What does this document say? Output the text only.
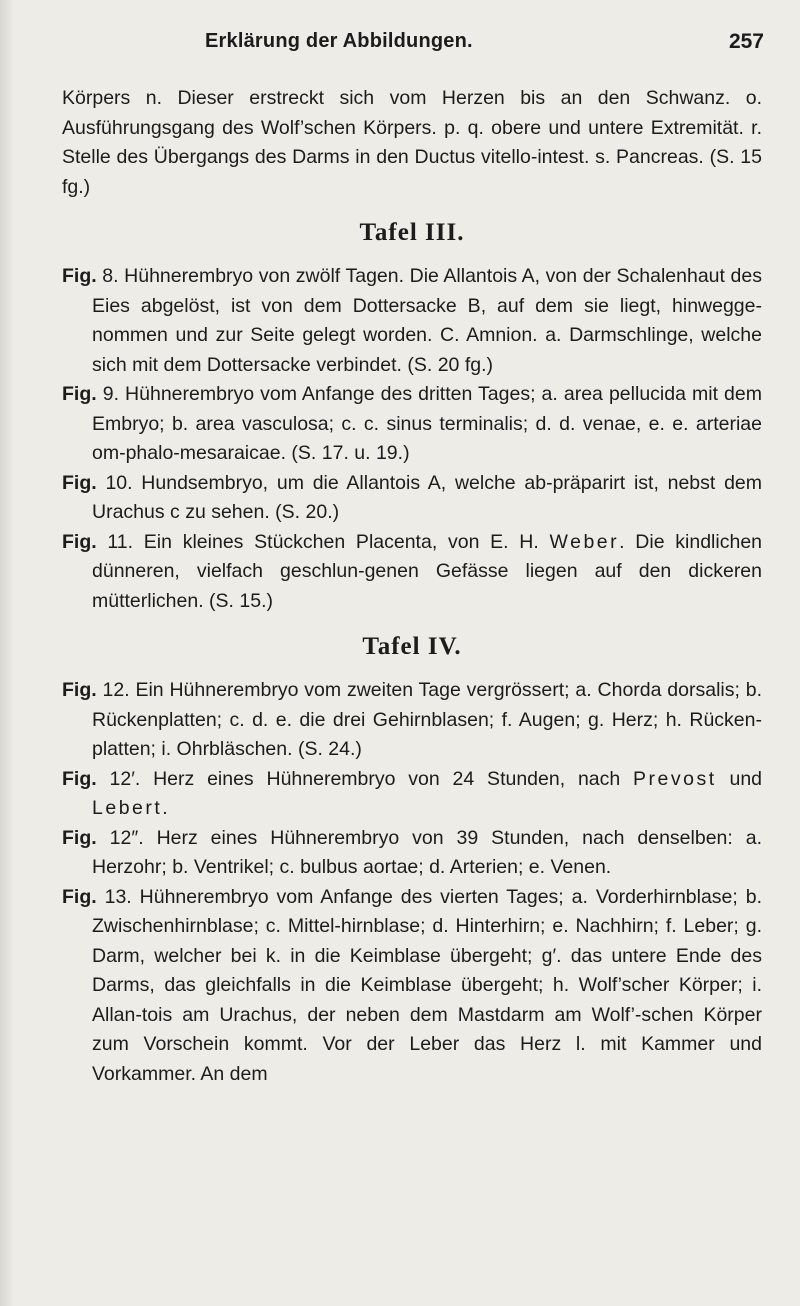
Erklärung der Abbildungen.	257

Körpers n. Dieser erstreckt sich vom Herzen bis an den Schwanz. o. Ausführungsgang des Wolf’schen Körpers. p. q. obere und untere Extremität. r. Stelle des Übergangs des Darms in den Ductus vitello-intest. s. Pancreas. (S. 15 fg.)

Tafel III.

Fig. 8. Hühnerembryo von zwölf Tagen. Die Allantois A, von der Schalenhaut des Eies abgelöst, ist von dem Dottersacke B, auf dem sie liegt, hinwegge-nommen und zur Seite gelegt worden. C. Amnion. a. Darmschlinge, welche sich mit dem Dottersacke verbindet. (S. 20 fg.)

Fig. 9. Hühnerembryo vom Anfange des dritten Tages; a. area pellucida mit dem Embryo; b. area vasculosa; c. c. sinus terminalis; d. d. venae, e. e. arteriae om-phalo-mesaraicae. (S. 17. u. 19.)

Fig. 10. Hundsembryo, um die Allantois A, welche ab-präparirt ist, nebst dem Urachus c zu sehen. (S. 20.)

Fig. 11. Ein kleines Stückchen Placenta, von E. H. Weber. Die kindlichen dünneren, vielfach geschlun-genen Gefässe liegen auf den dickeren mütterlichen. (S. 15.)

Tafel IV.

Fig. 12. Ein Hühnerembryo vom zweiten Tage vergrössert; a. Chorda dorsalis; b. Rückenplatten; c. d. e. die drei Gehirnblasen; f. Augen; g. Herz; h. Rücken-platten; i. Ohrbläschen. (S. 24.)

Fig. 12′. Herz eines Hühnerembryo von 24 Stunden, nach Prevost und Lebert.

Fig. 12″. Herz eines Hühnerembryo von 39 Stunden, nach denselben: a. Herzohr; b. Ventrikel; c. bulbus aortae; d. Arterien; e. Venen.

Fig. 13. Hühnerembryo vom Anfange des vierten Tages; a. Vorderhirnblase; b. Zwischenhirnblase; c. Mittel-hirnblase; d. Hinterhirn; e. Nachhirn; f. Leber; g. Darm, welcher bei k. in die Keimblase übergeht; g′. das untere Ende des Darms, das gleichfalls in die Keimblase übergeht; h. Wolf’scher Körper; i. Allan-tois am Urachus, der neben dem Mastdarm am Wolf’-schen Körper zum Vorschein kommt. Vor der Leber das Herz l. mit Kammer und Vorkammer. An dem
